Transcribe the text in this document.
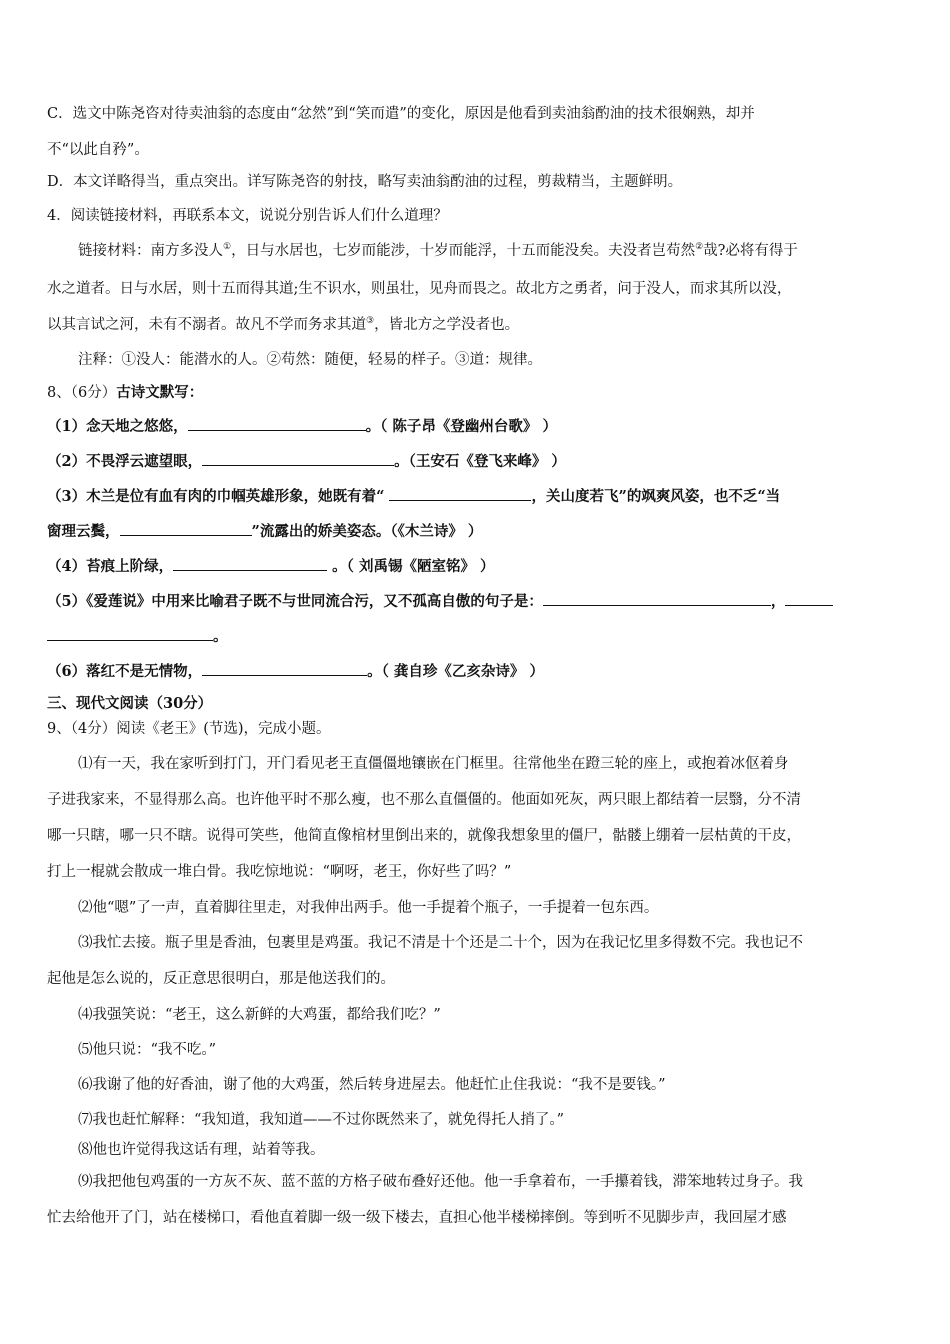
C．选文中陈尧咨对待卖油翁的态度由“忿然”到“笑而遣”的变化，原因是他看到卖油翁酌油的技术很娴熟，却并
不“以此自矜”。
D．本文详略得当，重点突出。详写陈尧咨的射技，略写卖油翁酌油的过程，剪裁精当，主题鲜明。
4．阅读链接材料，再联系本文，说说分别告诉人们什么道理？
链接材料：南方多没人①，日与水居也，七岁而能涉，十岁而能浮，十五而能没矣。夫没者岂苟然②哉?必将有得于
水之道者。日与水居，则十五而得其道;生不识水，则虽壮，见舟而畏之。故北方之勇者，问于没人，而求其所以没，
以其言试之河，未有不溺者。故凡不学而务求其道③，皆北方之学没者也。
注释：①没人：能潜水的人。②苟然：随便，轻易的样子。③道：规律。
8、（6分）古诗文默写：
（1）念天地之悠悠，	。（ 陈子昂《登幽州台歌》 ）
（2）不畏浮云遮望眼，	。（王安石《登飞来峰》 ）
（3）木兰是位有血有肉的巾帼英雄形象，她既有着“	，关山度若飞”的飒爽风姿，也不乏“当
窗理云鬓，	”流露出的娇美姿态。（《木兰诗》 ）
（4）苔痕上阶绿，	。（ 刘禹锡《陋室铭》 ）
（5）《爱莲说》中用来比喻君子既不与世同流合污，又不孤高自傲的句子是：	，
。
（6）落红不是无情物，	。（ 龚自珍《乙亥杂诗》 ）
三、现代文阅读（30分）
9、（4分）阅读《老王》(节选)，完成小题。
⑴有一天，我在家听到打门，开门看见老王直僵僵地镶嵌在门框里。往常他坐在蹬三轮的座上，或抱着冰伛着身
子进我家来，不显得那么高。也许他平时不那么瘦，也不那么直僵僵的。他面如死灰，两只眼上都结着一层翳，分不清
哪一只瞎，哪一只不瞎。说得可笑些，他简直像棺材里倒出来的，就像我想象里的僵尸，骷髅上绷着一层枯黄的干皮，
打上一棍就会散成一堆白骨。我吃惊地说：“啊呀，老王，你好些了吗？”
⑵他“嗯”了一声，直着脚往里走，对我伸出两手。他一手提着个瓶子，一手提着一包东西。
⑶我忙去接。瓶子里是香油，包裹里是鸡蛋。我记不清是十个还是二十个，因为在我记忆里多得数不完。我也记不
起他是怎么说的，反正意思很明白，那是他送我们的。
⑷我强笑说：“老王，这么新鲜的大鸡蛋，都给我们吃？”
⑸他只说：“我不吃。”
⑹我谢了他的好香油，谢了他的大鸡蛋，然后转身进屋去。他赶忙止住我说：“我不是要钱。”
⑺我也赶忙解释：“我知道，我知道——不过你既然来了，就免得托人捎了。”
⑻他也许觉得我这话有理，站着等我。
⑼我把他包鸡蛋的一方灰不灰、蓝不蓝的方格子破布叠好还他。他一手拿着布，一手攥着钱，滞笨地转过身子。我
忙去给他开了门，站在楼梯口，看他直着脚一级一级下楼去，直担心他半楼梯摔倒。等到听不见脚步声，我回屋才感
